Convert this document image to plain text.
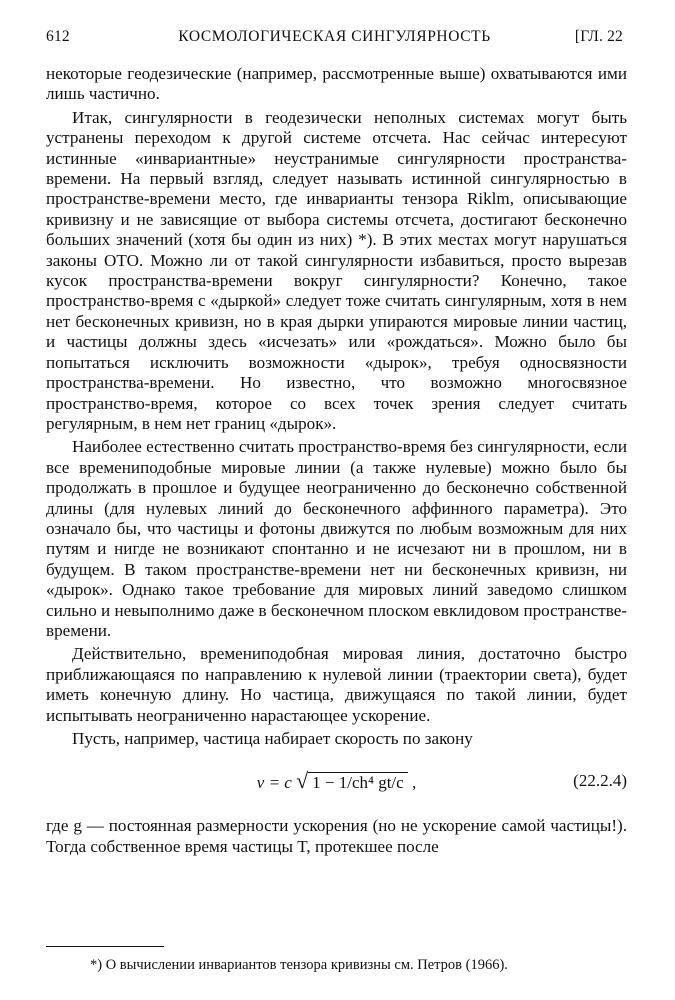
612	КОСМОЛОГИЧЕСКАЯ СИНГУЛЯРНОСТЬ	[ГЛ. 22

некоторые геодезические (например, рассмотренные выше) охватываются ими лишь частично.

Итак, сингулярности в геодезически неполных системах могут быть устранены переходом к другой системе отсчета. Нас сейчас интересуют истинные «инвариантные» неустранимые сингулярности пространства-времени. На первый взгляд, следует называть истинной сингулярностью в пространстве-времени место, где инварианты тензора Riklm, описывающие кривизну и не зависящие от выбора системы отсчета, достигают бесконечно больших значений (хотя бы один из них) *). В этих местах могут нарушаться законы ОТО. Можно ли от такой сингулярности избавиться, просто вырезав кусок пространства-времени вокруг сингулярности? Конечно, такое пространство-время с «дыркой» следует тоже считать сингулярным, хотя в нем нет бесконечных кривизн, но в края дырки упираются мировые линии частиц, и частицы должны здесь «исчезать» или «рождаться». Можно было бы попытаться исключить возможности «дырок», требуя односвязности пространства-времени. Но известно, что возможно многосвязное пространство-время, которое со всех точек зрения следует считать регулярным, в нем нет границ «дырок».

Наиболее естественно считать пространство-время без сингулярности, если все времениподобные мировые линии (а также нулевые) можно было бы продолжать в прошлое и будущее неограниченно до бесконечно собственной длины (для нулевых линий до бесконечного аффинного параметра). Это означало бы, что частицы и фотоны движутся по любым возможным для них путям и нигде не возникают спонтанно и не исчезают ни в прошлом, ни в будущем. В таком пространстве-времени нет ни бесконечных кривизн, ни «дырок». Однако такое требование для мировых линий заведомо слишком сильно и невыполнимо даже в бесконечном плоском евклидовом пространстве-времени.

Действительно, времениподобная мировая линия, достаточно быстро приближающаяся по направлению к нулевой линии (траектории света), будет иметь конечную длину. Но частица, движущаяся по такой линии, будет испытывать неограниченно нарастающее ускорение.

Пусть, например, частица набирает скорость по закону

v = c √ 1 − 1/ch⁴ gt/c ,	(22.2.4)

где g — постоянная размерности ускорения (но не ускорение самой частицы!). Тогда собственное время частицы T, протекшее после

*) О вычислении инвариантов тензора кривизны см. Петров (1966).
